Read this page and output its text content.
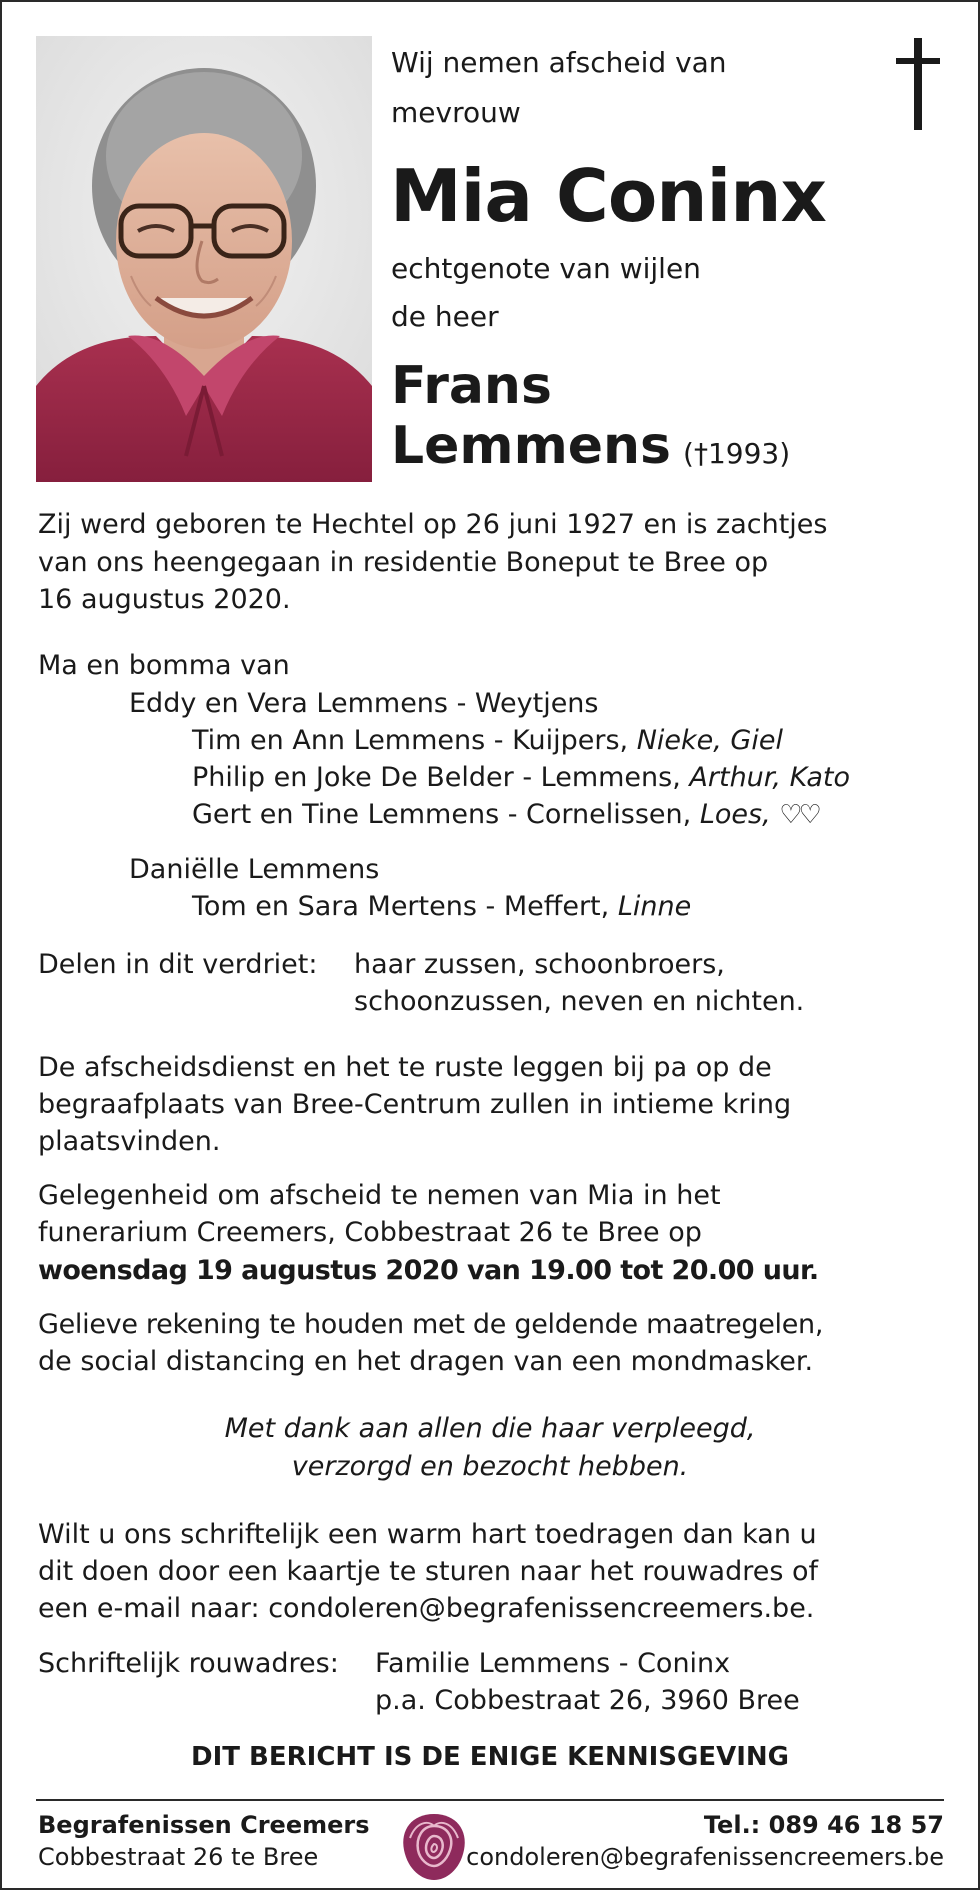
Wij nemen afscheid van
mevrouw
Mia Coninx
echtgenote van wijlen
de heer
Frans
Lemmens (†1993)
Zij werd geboren te Hechtel op 26 juni 1927 en is zachtjes
van ons heengegaan in residentie Boneput te Bree op
16 augustus 2020.
Ma en bomma van
Eddy en Vera Lemmens - Weytjens
Tim en Ann Lemmens - Kuijpers, Nieke, Giel
Philip en Joke De Belder - Lemmens, Arthur, Kato
Gert en Tine Lemmens - Cornelissen, Loes, ♡♡
Daniëlle Lemmens
Tom en Sara Mertens - Meffert, Linne
Delen in dit verdriet: haar zussen, schoonbroers,
schoonzussen, neven en nichten.
De afscheidsdienst en het te ruste leggen bij pa op de
begraafplaats van Bree-Centrum zullen in intieme kring
plaatsvinden.
Gelegenheid om afscheid te nemen van Mia in het
funerarium Creemers, Cobbestraat 26 te Bree op
woensdag 19 augustus 2020 van 19.00 tot 20.00 uur.
Gelieve rekening te houden met de geldende maatregelen,
de social distancing en het dragen van een mondmasker.
Met dank aan allen die haar verpleegd,
verzorgd en bezocht hebben.
Wilt u ons schriftelijk een warm hart toedragen dan kan u
dit doen door een kaartje te sturen naar het rouwadres of
een e-mail naar: condoleren@begrafenissencreemers.be.
Schriftelijk rouwadres: Familie Lemmens - Coninx
p.a. Cobbestraat 26, 3960 Bree
DIT BERICHT IS DE ENIGE KENNISGEVING
Begrafenissen Creemers
Cobbestraat 26 te Bree
Tel.: 089 46 18 57
condoleren@begrafenissencreemers.be
